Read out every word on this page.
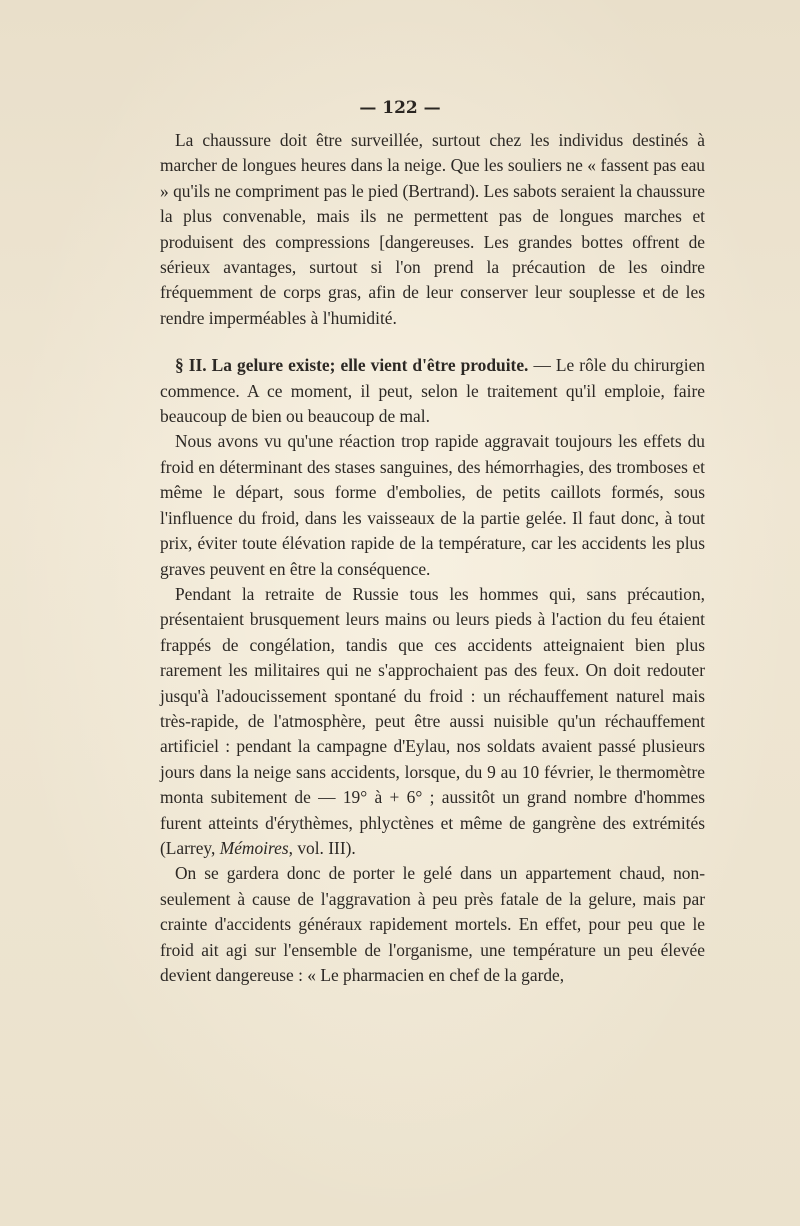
— 122 —

La chaussure doit être surveillée, surtout chez les individus destinés à marcher de longues heures dans la neige. Que les souliers ne « fassent pas eau » qu'ils ne compriment pas le pied (Bertrand). Les sabots seraient la chaussure la plus convenable, mais ils ne permettent pas de longues marches et produisent des compressions [dangereuses. Les grandes bottes offrent de sérieux avantages, surtout si l'on prend la précaution de les oindre fréquemment de corps gras, afin de leur conserver leur souplesse et de les rendre imperméables à l'humidité.

§ II. La gelure existe; elle vient d'être produite. — Le rôle du chirurgien commence. A ce moment, il peut, selon le traitement qu'il emploie, faire beaucoup de bien ou beaucoup de mal.

Nous avons vu qu'une réaction trop rapide aggravait toujours les effets du froid en déterminant des stases sanguines, des hémorrhagies, des tromboses et même le départ, sous forme d'embolies, de petits caillots formés, sous l'influence du froid, dans les vaisseaux de la partie gelée. Il faut donc, à tout prix, éviter toute élévation rapide de la température, car les accidents les plus graves peuvent en être la conséquence.

Pendant la retraite de Russie tous les hommes qui, sans précaution, présentaient brusquement leurs mains ou leurs pieds à l'action du feu étaient frappés de congélation, tandis que ces accidents atteignaient bien plus rarement les militaires qui ne s'approchaient pas des feux. On doit redouter jusqu'à l'adoucissement spontané du froid : un réchauffement naturel mais très-rapide, de l'atmosphère, peut être aussi nuisible qu'un réchauffement artificiel : pendant la campagne d'Eylau, nos soldats avaient passé plusieurs jours dans la neige sans accidents, lorsque, du 9 au 10 février, le thermomètre monta subitement de — 19° à + 6° ; aussitôt un grand nombre d'hommes furent atteints d'érythèmes, phlyctènes et même de gangrène des extrémités (Larrey, Mémoires, vol. III).

On se gardera donc de porter le gelé dans un appartement chaud, non-seulement à cause de l'aggravation à peu près fatale de la gelure, mais par crainte d'accidents généraux rapidement mortels. En effet, pour peu que le froid ait agi sur l'ensemble de l'organisme, une température un peu élevée devient dangereuse : « Le pharmacien en chef de la garde,
